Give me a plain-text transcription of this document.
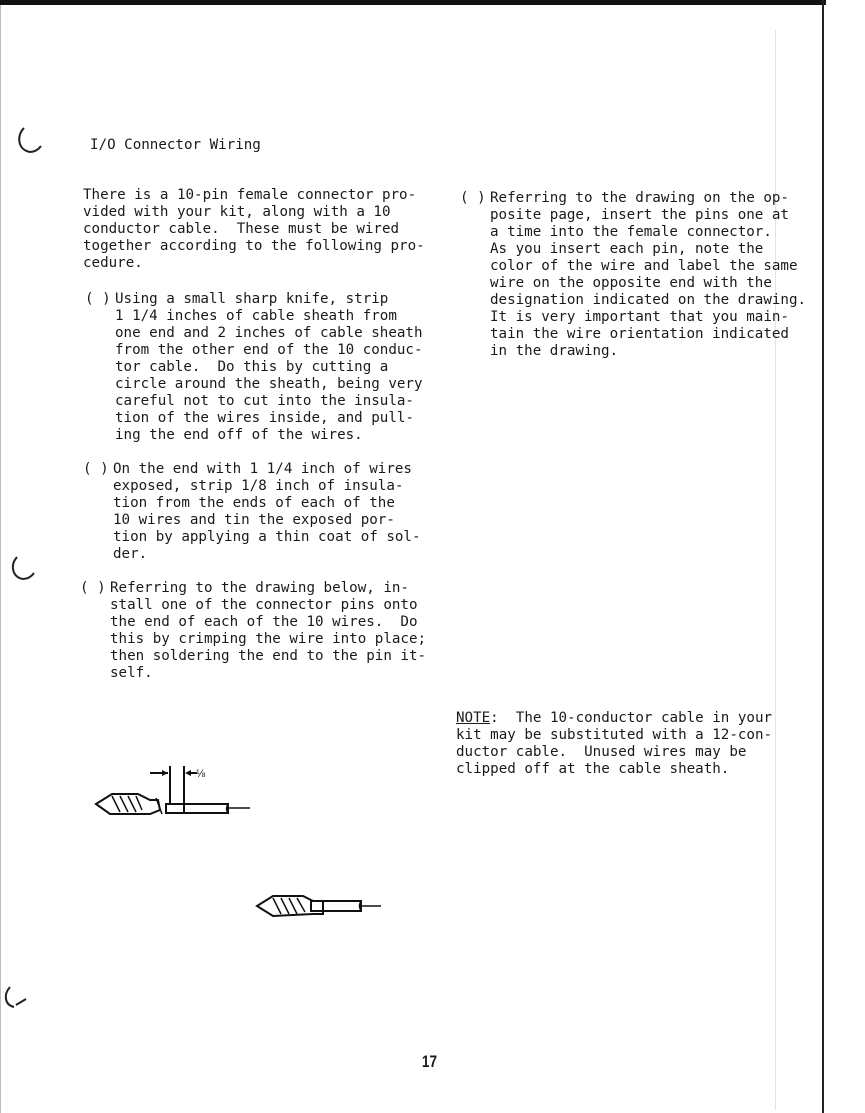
I/O Connector Wiring
There is a 10-pin female connector pro-
vided with your kit, along with a 10
conductor cable.  These must be wired
together according to the following pro-
cedure.
( ) Using a small sharp knife, strip
1 1/4 inches of cable sheath from
one end and 2 inches of cable sheath
from the other end of the 10 conduc-
tor cable.  Do this by cutting a
circle around the sheath, being very
careful not to cut into the insula-
tion of the wires inside, and pull-
ing the end off of the wires.
( ) On the end with 1 1/4 inch of wires
exposed, strip 1/8 inch of insula-
tion from the ends of each of the
10 wires and tin the exposed por-
tion by applying a thin coat of sol-
der.
( ) Referring to the drawing below, in-
stall one of the connector pins onto
the end of each of the 10 wires.  Do
this by crimping the wire into place;
then soldering the end to the pin it-
self.
( ) Referring to the drawing on the op-
posite page, insert the pins one at
a time into the female connector.
As you insert each pin, note the
color of the wire and label the same
wire on the opposite end with the
designation indicated on the drawing.
It is very important that you main-
tain the wire orientation indicated
in the drawing.
NOTE:  The 10-conductor cable in your
kit may be substituted with a 12-con-
ductor cable.  Unused wires may be
clipped off at the cable sheath.
⅛
17
